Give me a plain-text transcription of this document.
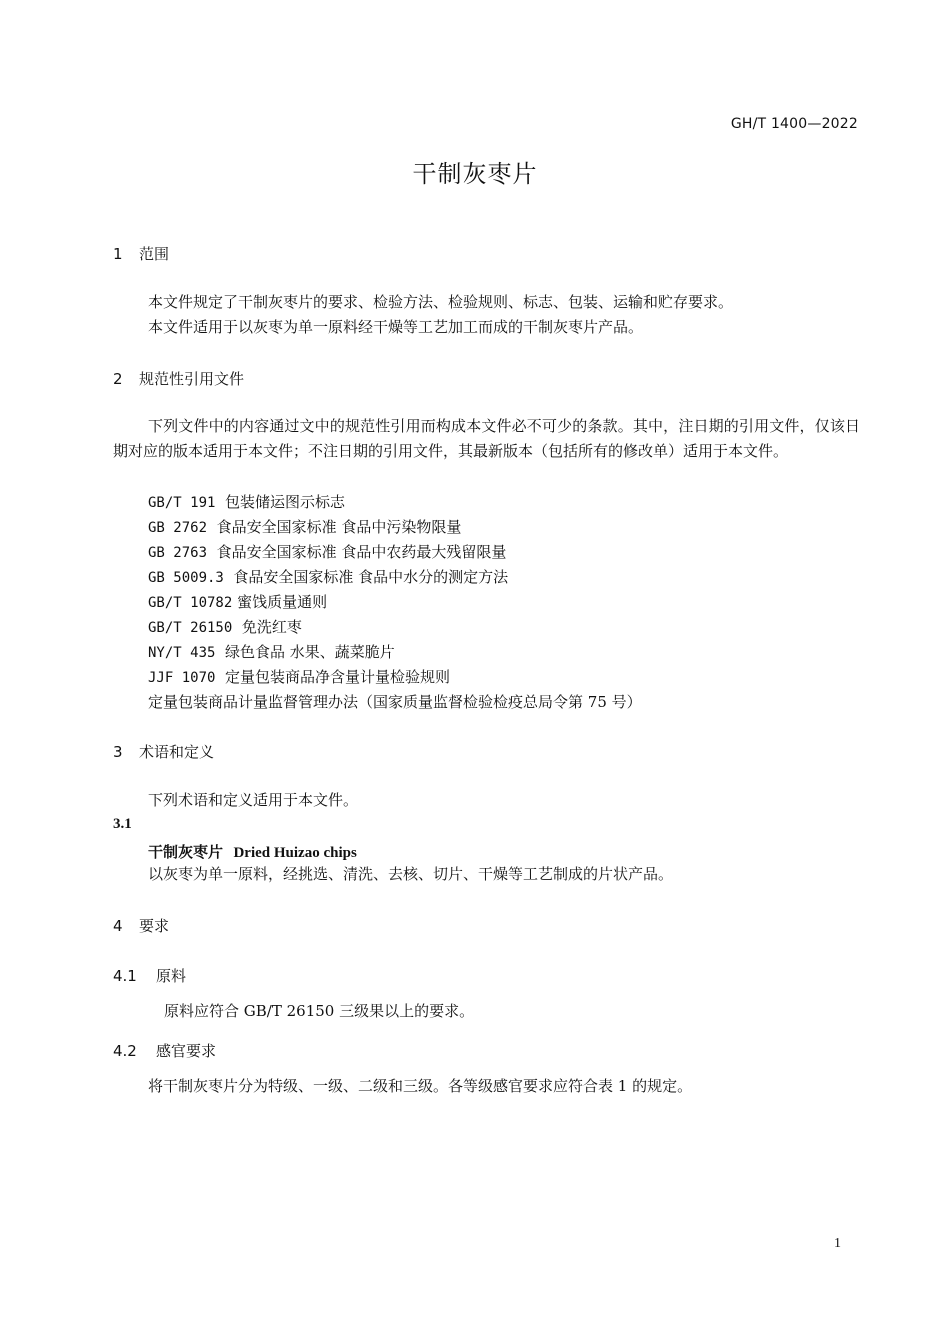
GH/T 1400—2022
干制灰枣片
1 范围
本文件规定了干制灰枣片的要求、检验方法、检验规则、标志、包装、运输和贮存要求。
本文件适用于以灰枣为单一原料经干燥等工艺加工而成的干制灰枣片产品。
2 规范性引用文件
下列文件中的内容通过文中的规范性引用而构成本文件必不可少的条款。其中，注日期的引用文件，仅该日期对应的版本适用于本文件；不注日期的引用文件，其最新版本（包括所有的修改单）适用于本文件。
GB/T 191 包装储运图示标志
GB 2762 食品安全国家标准 食品中污染物限量
GB 2763 食品安全国家标准 食品中农药最大残留限量
GB 5009.3 食品安全国家标准 食品中水分的测定方法
GB/T 10782 蜜饯质量通则
GB/T 26150 免洗红枣
NY/T 435 绿色食品 水果、蔬菜脆片
JJF 1070 定量包装商品净含量计量检验规则
定量包装商品计量监督管理办法（国家质量监督检验检疫总局令第 75 号）
3 术语和定义
下列术语和定义适用于本文件。
3.1
干制灰枣片 Dried Huizao chips
以灰枣为单一原料，经挑选、清洗、去核、切片、干燥等工艺制成的片状产品。
4 要求
4.1 原料
原料应符合 GB/T 26150 三级果以上的要求。
4.2 感官要求
将干制灰枣片分为特级、一级、二级和三级。各等级感官要求应符合表 1 的规定。
1
